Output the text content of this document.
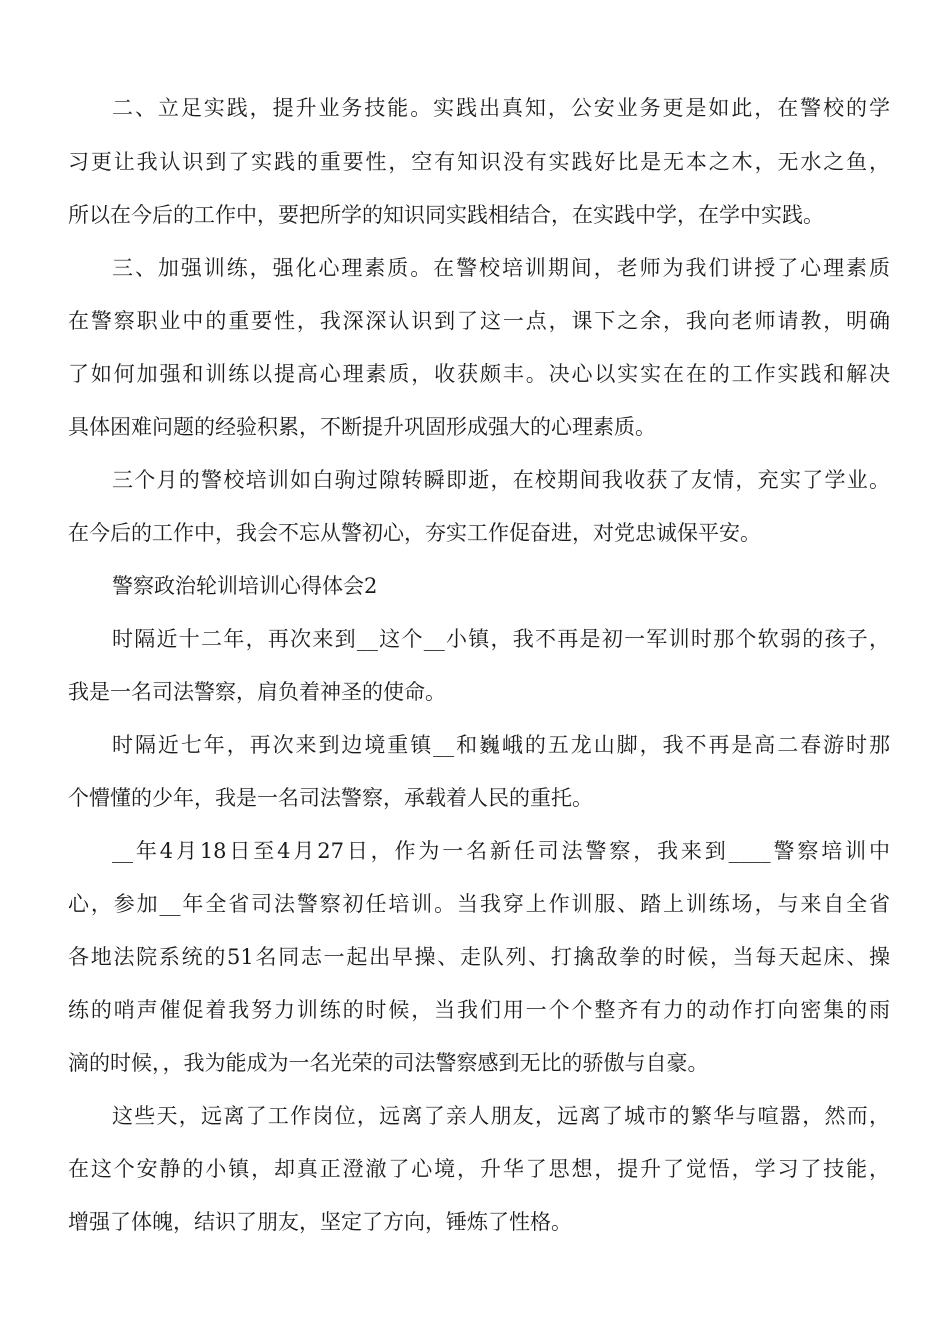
二、立足实践，提升业务技能。实践出真知，公安业务更是如此，在警校的学
习更让我认识到了实践的重要性，空有知识没有实践好比是无本之木，无水之鱼，
所以在今后的工作中，要把所学的知识同实践相结合，在实践中学，在学中实践。
三、加强训练，强化心理素质。在警校培训期间，老师为我们讲授了心理素质
在警察职业中的重要性，我深深认识到了这一点，课下之余，我向老师请教，明确
了如何加强和训练以提高心理素质，收获颇丰。决心以实实在在的工作实践和解决
具体困难问题的经验积累，不断提升巩固形成强大的心理素质。
三个月的警校培训如白驹过隙转瞬即逝，在校期间我收获了友情，充实了学业。
在今后的工作中，我会不忘从警初心，夯实工作促奋进，对党忠诚保平安。
警察政治轮训培训心得体会2
时隔近十二年，再次来到__这个__小镇，我不再是初一军训时那个软弱的孩子，
我是一名司法警察，肩负着神圣的使命。
时隔近七年，再次来到边境重镇__和巍峨的五龙山脚，我不再是高二春游时那
个懵懂的少年，我是一名司法警察，承载着人民的重托。
__年4月18日至4月27日，作为一名新任司法警察，我来到____警察培训中
心，参加__年全省司法警察初任培训。当我穿上作训服、踏上训练场，与来自全省
各地法院系统的51名同志一起出早操、走队列、打擒敌拳的时候，当每天起床、操
练的哨声催促着我努力训练的时候，当我们用一个个整齐有力的动作打向密集的雨
滴的时候，，我为能成为一名光荣的司法警察感到无比的骄傲与自豪。
这些天，远离了工作岗位，远离了亲人朋友，远离了城市的繁华与喧嚣，然而，
在这个安静的小镇，却真正澄澈了心境，升华了思想，提升了觉悟，学习了技能，
增强了体魄，结识了朋友，坚定了方向，锤炼了性格。
